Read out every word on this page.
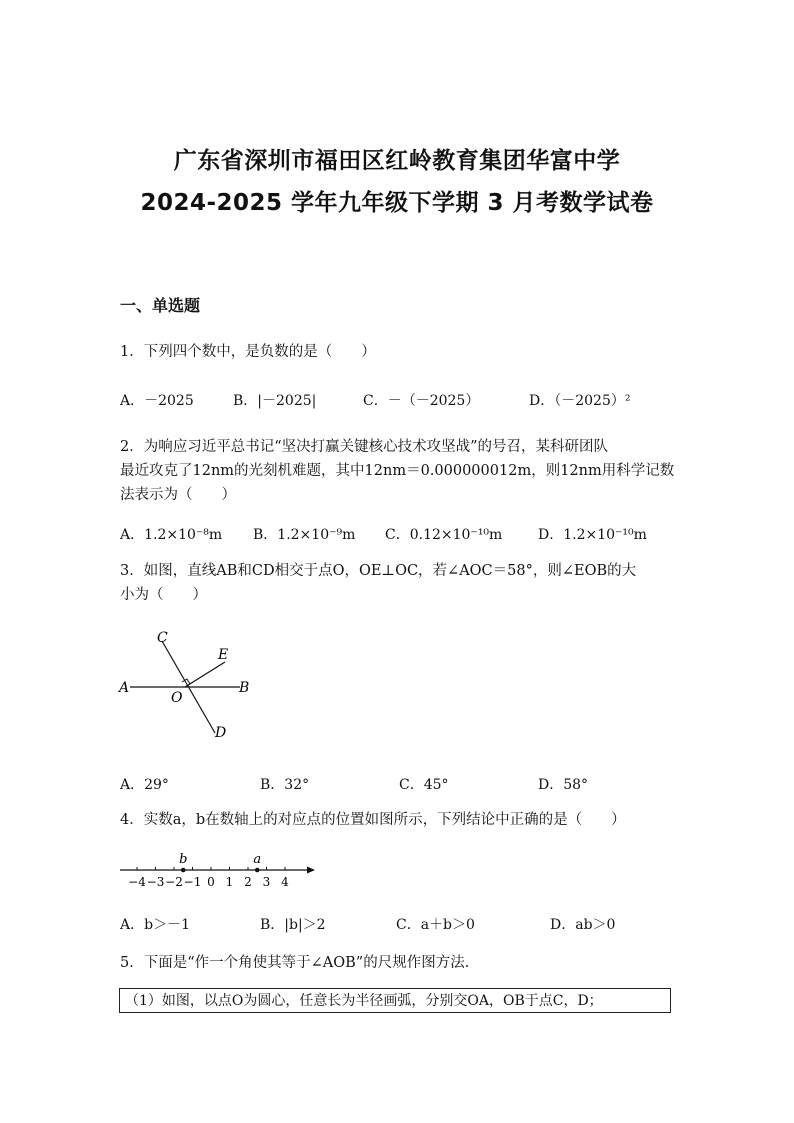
广东省深圳市福田区红岭教育集团华富中学
2024-2025 学年九年级下学期 3 月考数学试卷
一、单选题
1．下列四个数中，是负数的是（　　）
A．－2025	B．|－2025|	C．－（－2025）	D．（－2025）²
2．为响应习近平总书记“坚决打赢关键核心技术攻坚战”的号召，某科研团队
最近攻克了12nm的光刻机难题，其中12nm＝0.000000012m，则12nm用科学记数
法表示为（　　）
A．1.2×10⁻⁸m B．1.2×10⁻⁹m C．0.12×10⁻¹⁰m	D．1.2×10⁻¹⁰m
3．如图，直线AB和CD相交于点O，OE⊥OC，若∠AOC＝58°，则∠EOB的大
小为（　　）
A	B
C
D
E
O
A．29°	B．32°	C．45°	D．58°
4．实数a，b在数轴上的对应点的位置如图所示，下列结论中正确的是（　　）
−4 −3 −2 −1 0 1 2 3 4
b	a
A．b＞－1	B．|b|＞2	C．a＋b＞0	D．ab＞0
5．下面是“作一个角使其等于∠AOB”的尺规作图方法.
（1）如图，以点O为圆心，任意长为半径画弧，分别交OA，OB于点C，D；
